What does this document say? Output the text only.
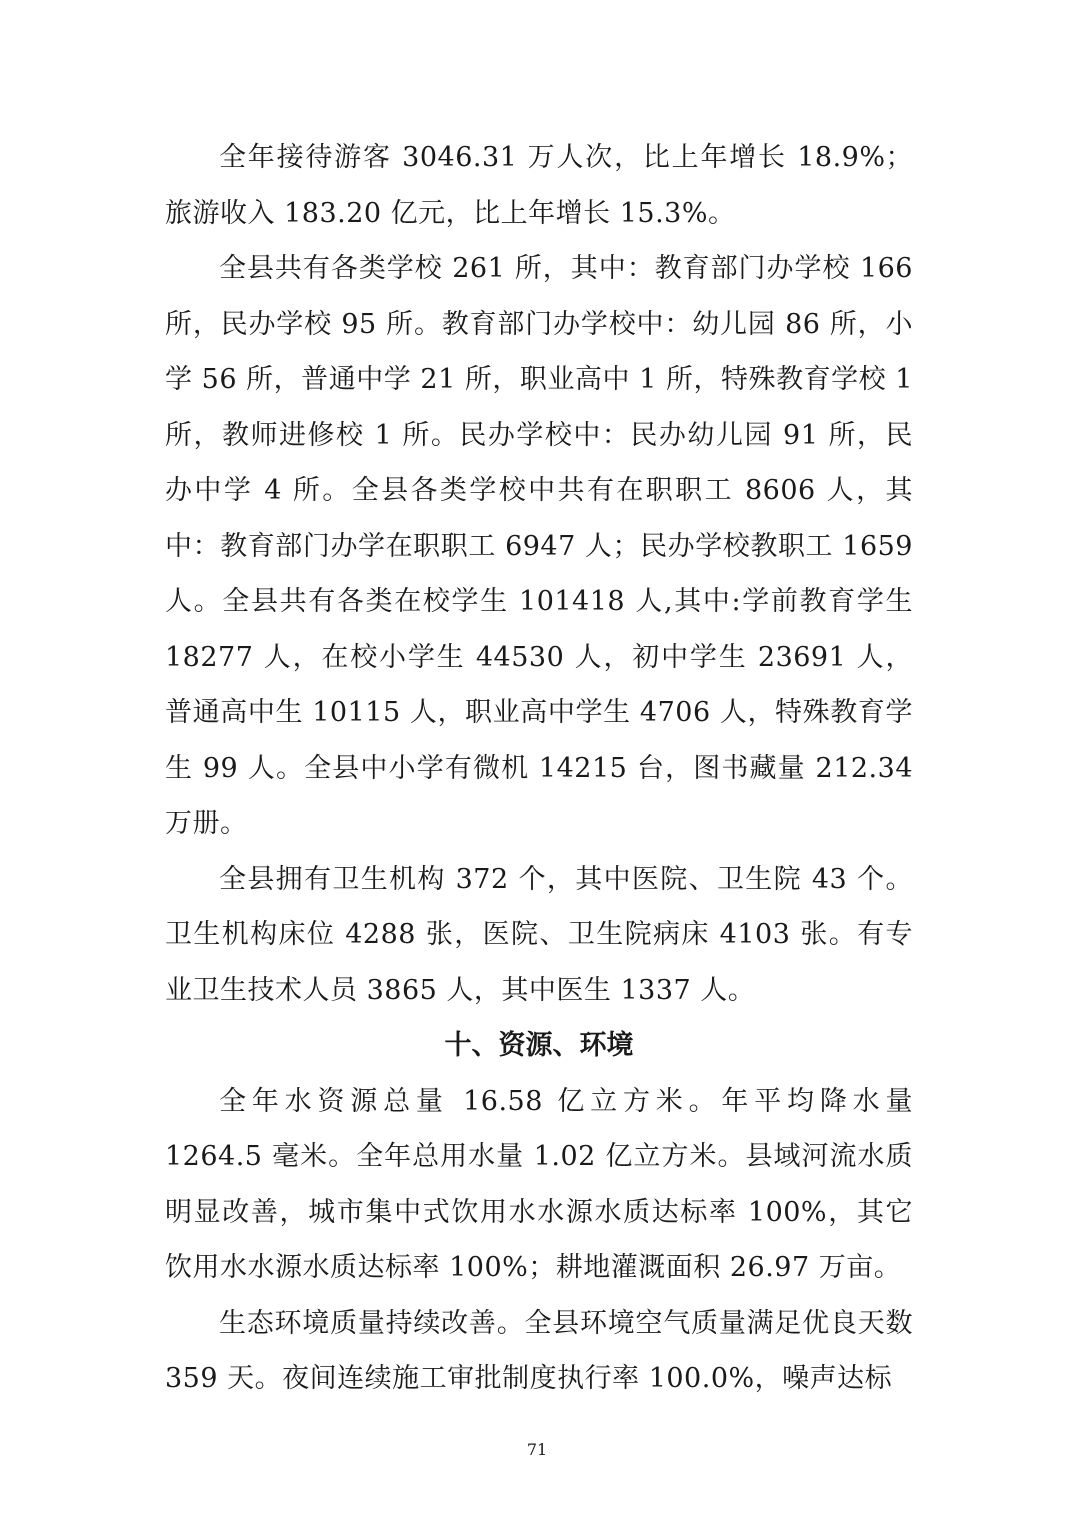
全年接待游客 3046.31 万人次，比上年增长 18.9%；旅游收入 183.20 亿元，比上年增长 15.3%。

全县共有各类学校 261 所，其中：教育部门办学校 166 所，民办学校 95 所。教育部门办学校中：幼儿园 86 所，小学 56 所，普通中学 21 所，职业高中 1 所，特殊教育学校 1 所，教师进修校 1 所。民办学校中：民办幼儿园 91 所，民办中学 4 所。全县各类学校中共有在职职工 8606 人，其中：教育部门办学在职职工 6947 人；民办学校教职工 1659 人。全县共有各类在校学生 101418 人,其中:学前教育学生 18277 人，在校小学生 44530 人，初中学生 23691 人，普通高中生 10115 人，职业高中学生 4706 人，特殊教育学生 99 人。全县中小学有微机 14215 台，图书藏量 212.34 万册。

全县拥有卫生机构 372 个，其中医院、卫生院 43 个。卫生机构床位 4288 张，医院、卫生院病床 4103 张。有专业卫生技术人员 3865 人，其中医生 1337 人。

十、资源、环境

全年水资源总量 16.58 亿立方米。年平均降水量 1264.5 毫米。全年总用水量 1.02 亿立方米。县域河流水质明显改善，城市集中式饮用水水源水质达标率 100%，其它饮用水水源水质达标率 100%；耕地灌溉面积 26.97 万亩。

生态环境质量持续改善。全县环境空气质量满足优良天数 359 天。夜间连续施工审批制度执行率 100.0%，噪声达标

71
